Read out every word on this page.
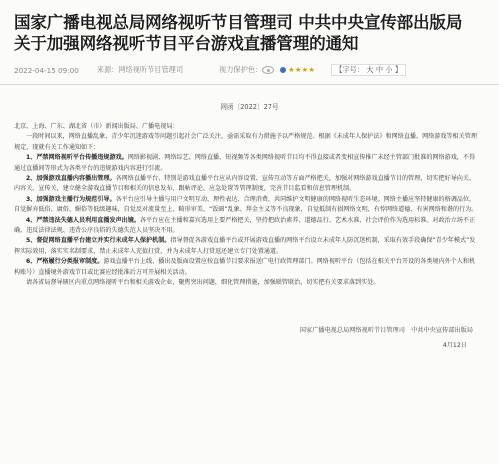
国家广播电视总局网络视听节目管理司 中共中央宣传部出版局
关于加强网络视听节目平台游戏直播管理的通知
2022-04-15 09:00	来源：网络视听节目管理司	视力保护色：	★★★★	【字号： 大 中 小 】
网函〔2022〕27号

北京、上海、广东、湖北省（市）新闻出版局、广播电视局：

一段时间以来，网络直播乱象、青少年沉迷游戏等问题引起社会广泛关注，亟需采取有力措施予以严格规范。根据《未成年人保护法》和网络直播、网络游戏等相关管理规定，现就有关工作通知如下：

1、严禁网络视听平台传播违规游戏。网络影视剧、网络综艺、网络直播、短视频等各类网络视听节目均不得直接或者变相宣传推广未经主管部门批准的网络游戏，不得通过直播间等形式为各类平台的违规游戏内容进行引流。

2、加强游戏直播内容播出管理。各网络直播平台，特别是游戏直播平台应从内容设置、宣传互动等方面严格把关，加强对网络游戏直播节目的管理，切实把好导向关、内容关、宣传关，建立健全游戏直播节目和相关的信息发布、跟帖评论、应急处置等管理制度，完善节目监看和信息管理机制。

3、加强游戏主播行为规范引导。各平台应引导主播与用户文明互动、理性表达、合理消费，共同维护文明健康的网络视听生态环境。网络主播应坚持健康的格调品位，自觉摒弃低俗、庸俗、媚俗等低级趣味，自觉反对流量至上、畸形审美、“饭圈”乱象、拜金主义等不良现象，自觉抵制有损网络文明、有悖网络道德、有害网络和谐的行为。

4、严禁违法失德人员利用直播发声出镜。各平台应在主播和嘉宾选用上要严格把关，坚持把政治素养、道德品行、艺术水准、社会评价作为选用标准。对政治立场不正确、违反法律法规、违背公序良俗的失德失范人员坚决不用。

5、督促网络直播平台建立并实行未成年人保护机制。指导督促各游戏直播平台或开展游戏直播的网络平台设立未成年人防沉迷机制，采取有效手段确保“青少年模式”发挥实际效用，落实实名制要求，禁止未成年人充值打赏，并为未成年人打赏返还建立专门处置通道。

6、严格履行分类报审制度。游戏直播平台上线、播出及版面设置应按直播节目要求报送广电行政管理部门。网络视听平台（包括在相关平台开设的各类境内外个人和机构账号）直播境外游戏节目或比赛应经批准后方可开展相关活动。

请各省局督导辖区内重点网络视听平台和相关游戏企业，聚焦突出问题，细化管理措施，加强联管联治，切实把有关要求落到实处。

国家广播电视总局网络视听节目管理司　中共中央宣传部出版局
4月12日
